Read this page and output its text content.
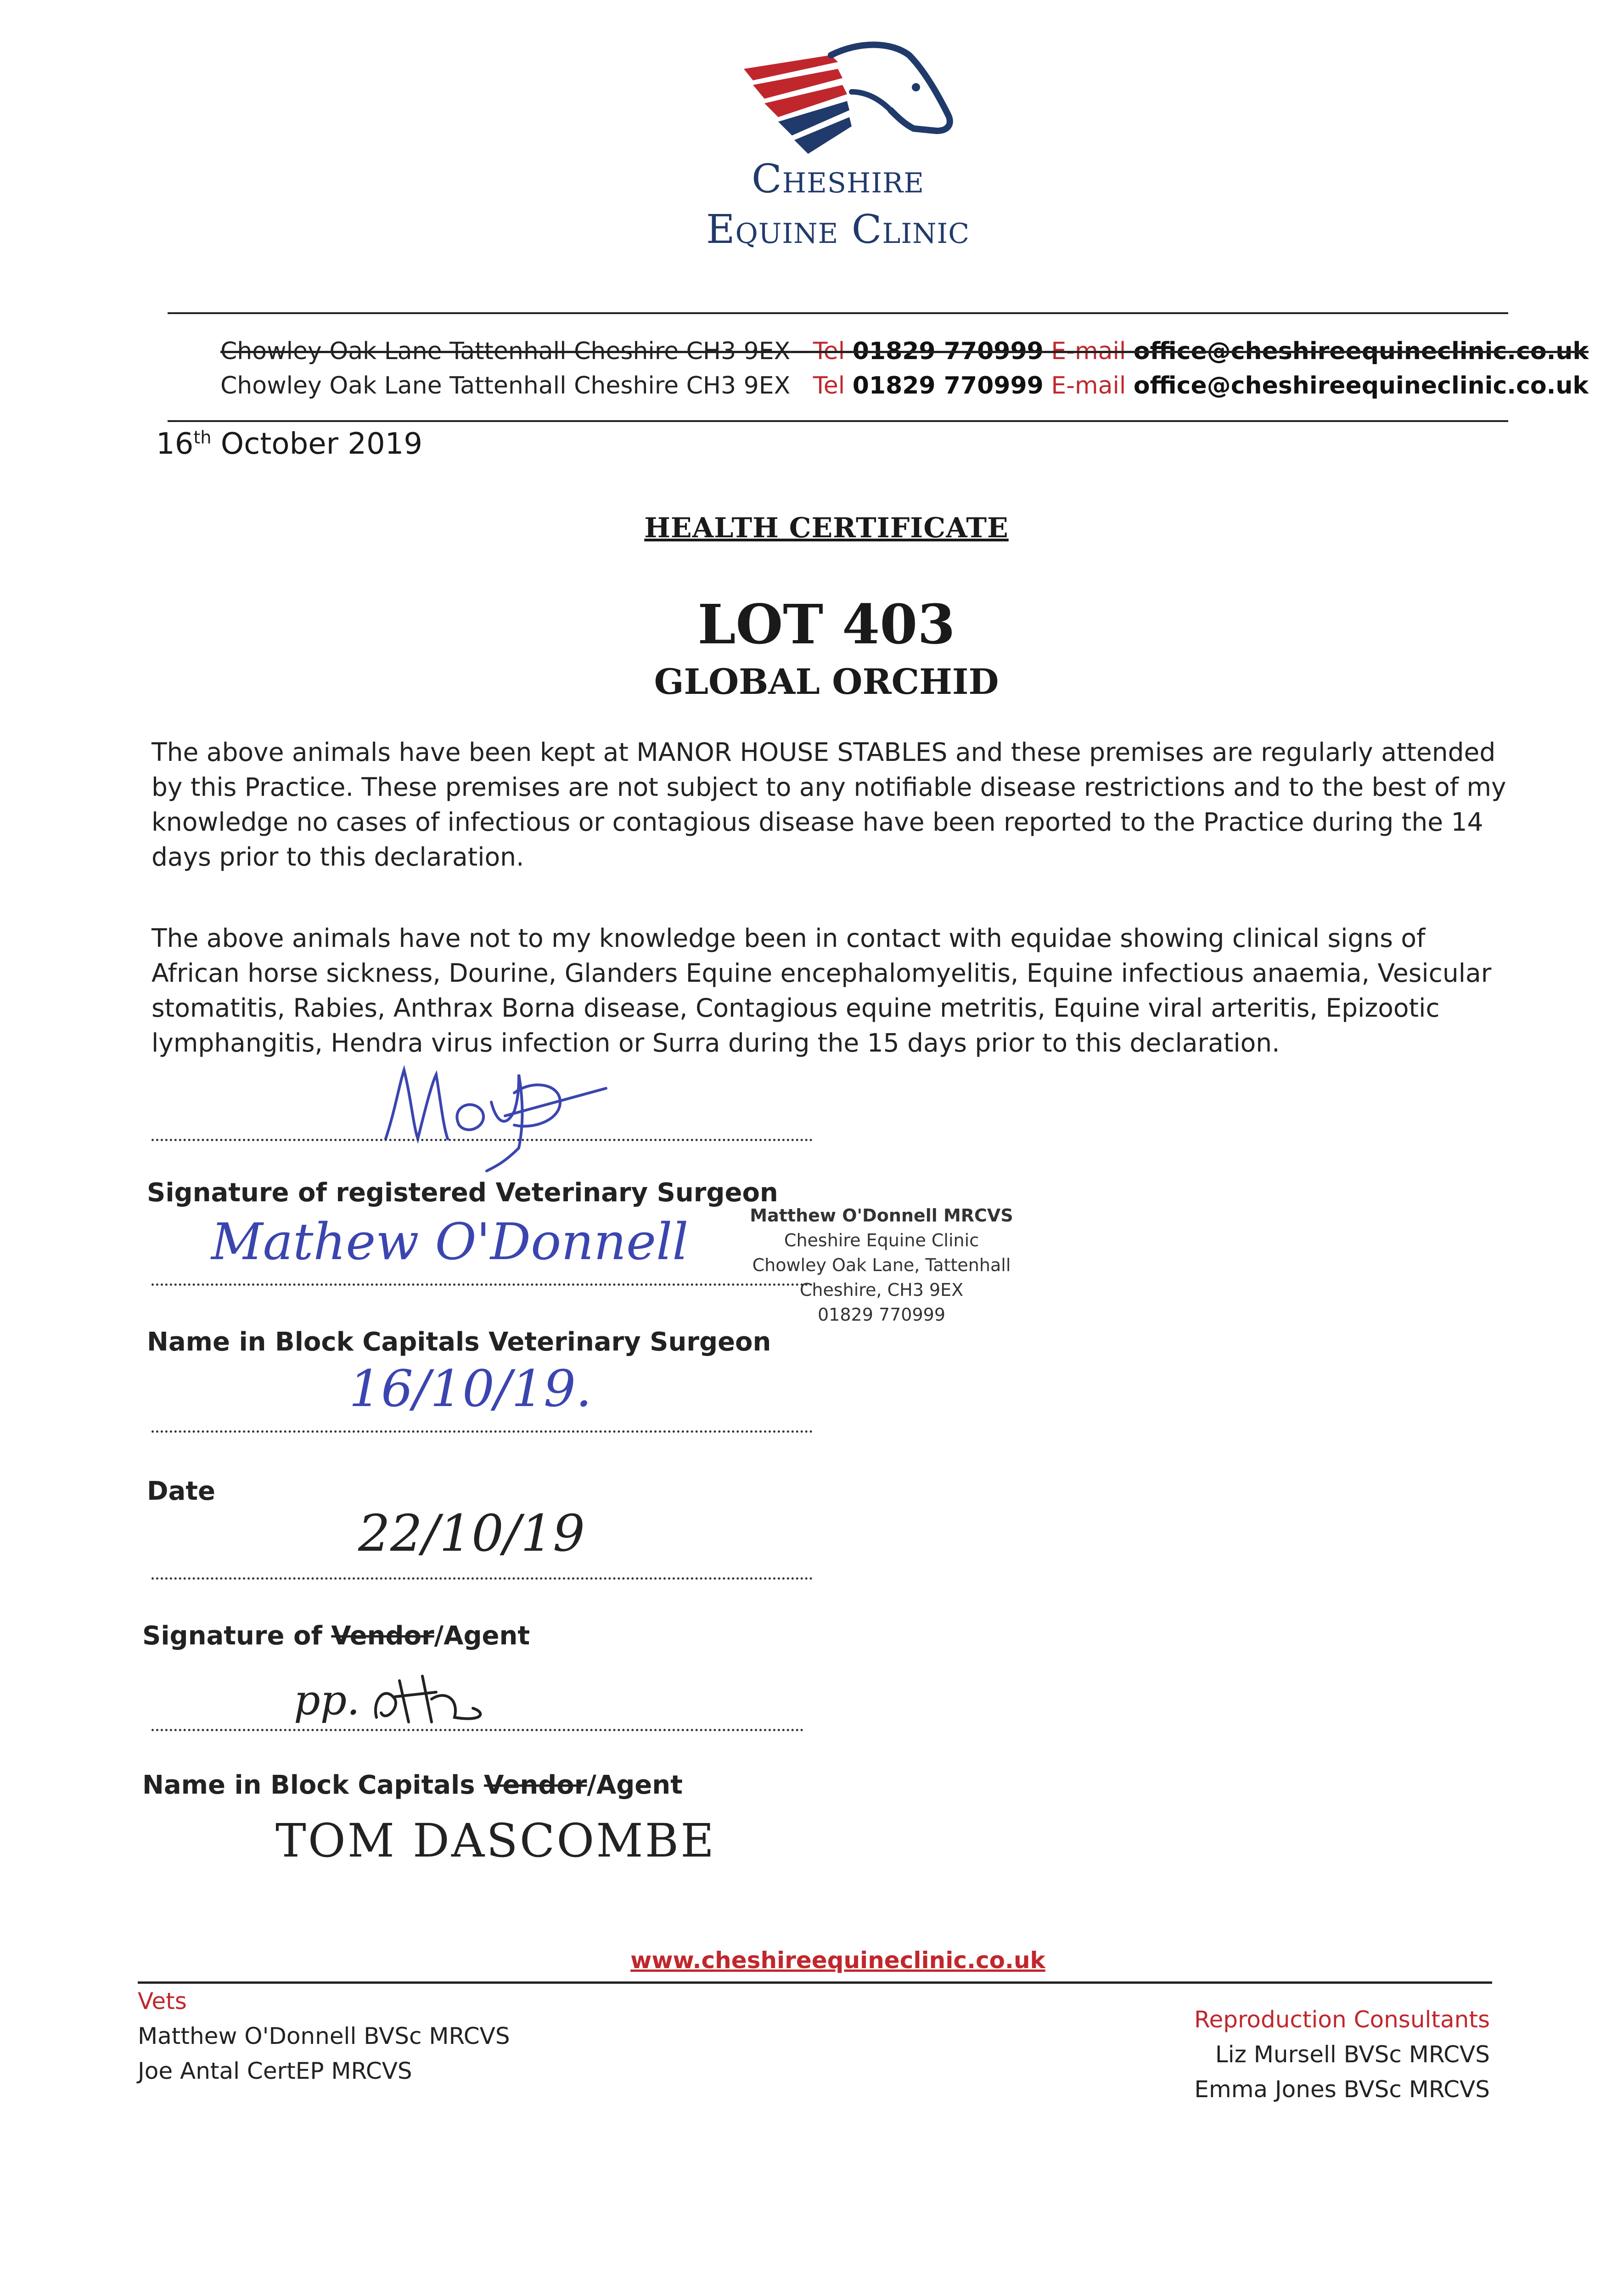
Cheshire
Equine Clinic
Chowley Oak Lane Tattenhall Cheshire CH3 9EX Tel 01829 770999 E-mail office@cheshireequineclinic.co.uk
Chowley Oak Lane Tattenhall Cheshire CH3 9EX Tel 01829 770999 E-mail office@cheshireequineclinic.co.uk
16th October 2019
HEALTH CERTIFICATE
LOT 403
GLOBAL ORCHID
The above animals have been kept at MANOR HOUSE STABLES and these premises are regularly attended by this Practice. These premises are not subject to any notifiable disease restrictions and to the best of my knowledge no cases of infectious or contagious disease have been reported to the Practice during the 14 days prior to this declaration.
The above animals have not to my knowledge been in contact with equidae showing clinical signs of African horse sickness, Dourine, Glanders Equine encephalomyelitis, Equine infectious anaemia, Vesicular stomatitis, Rabies, Anthrax Borna disease, Contagious equine metritis, Equine viral arteritis, Epizootic lymphangitis, Hendra virus infection or Surra during the 15 days prior to this declaration.
Signature of registered Veterinary Surgeon
Matthew O'Donnell MRCVS
Cheshire Equine Clinic
Chowley Oak Lane, Tattenhall
Cheshire, CH3 9EX
01829 770999
Mathew O'Donnell
Name in Block Capitals Veterinary Surgeon
16/10/19.
Date
22/10/19
Signature of Vendor/Agent
pp.
Name in Block Capitals Vendor/Agent
TOM DASCOMBE
www.cheshireequineclinic.co.uk
Vets
Matthew O'Donnell BVSc MRCVS
Joe Antal CertEP MRCVS
Reproduction Consultants
Liz Mursell BVSc MRCVS
Emma Jones BVSc MRCVS
